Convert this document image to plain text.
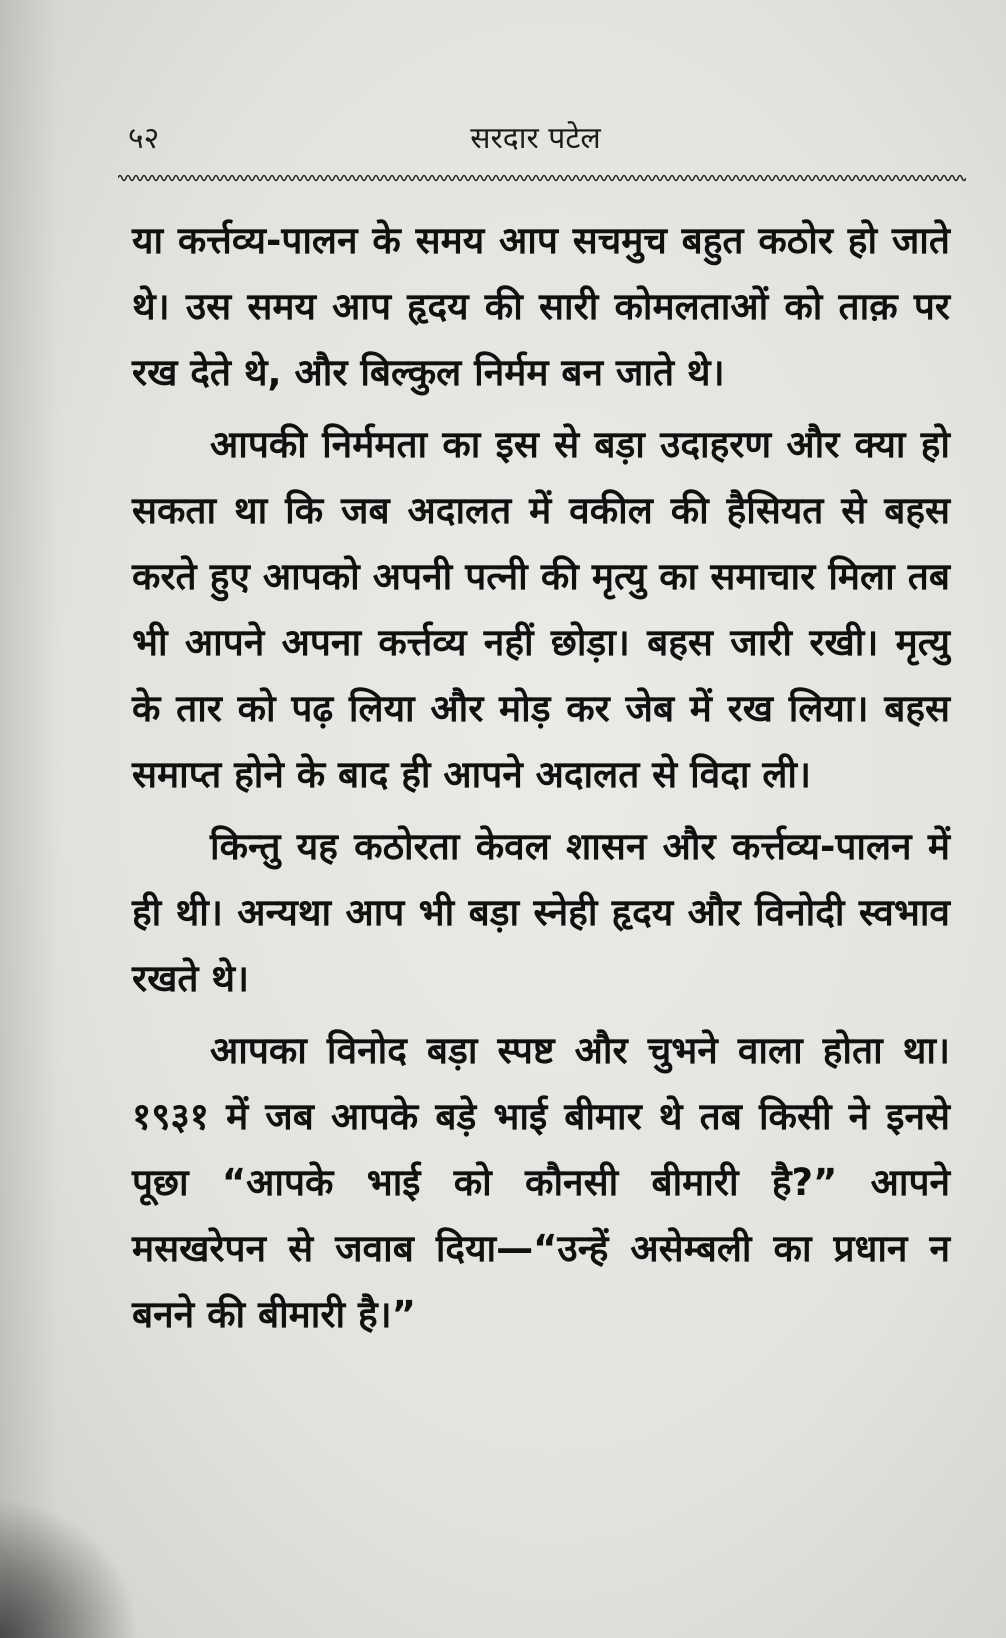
५२	सरदार पटेल

या कर्त्तव्य-पालन के समय आप सचमुच बहुत कठोर हो जाते थे। उस समय आप हृदय की सारी कोमलताओं को ताक़ पर रख देते थे, और बिल्कुल निर्मम बन जाते थे।

आपकी निर्ममता का इस से बड़ा उदाहरण और क्या हो सकता था कि जब अदालत में वकील की हैसियत से बहस करते हुए आपको अपनी पत्नी की मृत्यु का समाचार मिला तब भी आपने अपना कर्त्तव्य नहीं छोड़ा। बहस जारी रखी। मृत्यु के तार को पढ़ लिया और मोड़ कर जेब में रख लिया। बहस समाप्त होने के बाद ही आपने अदालत से विदा ली।

किन्तु यह कठोरता केवल शासन और कर्त्तव्य-पालन में ही थी। अन्यथा आप भी बड़ा स्नेही हृदय और विनोदी स्वभाव रखते थे।

आपका विनोद बड़ा स्पष्ट और चुभने वाला होता था। १९३१ में जब आपके बड़े भाई बीमार थे तब किसी ने इनसे पूछा “आपके भाई को कौनसी बीमारी है?” आपने मसखरेपन से जवाब दिया—“उन्हें असेम्बली का प्रधान न बनने की बीमारी है।”
